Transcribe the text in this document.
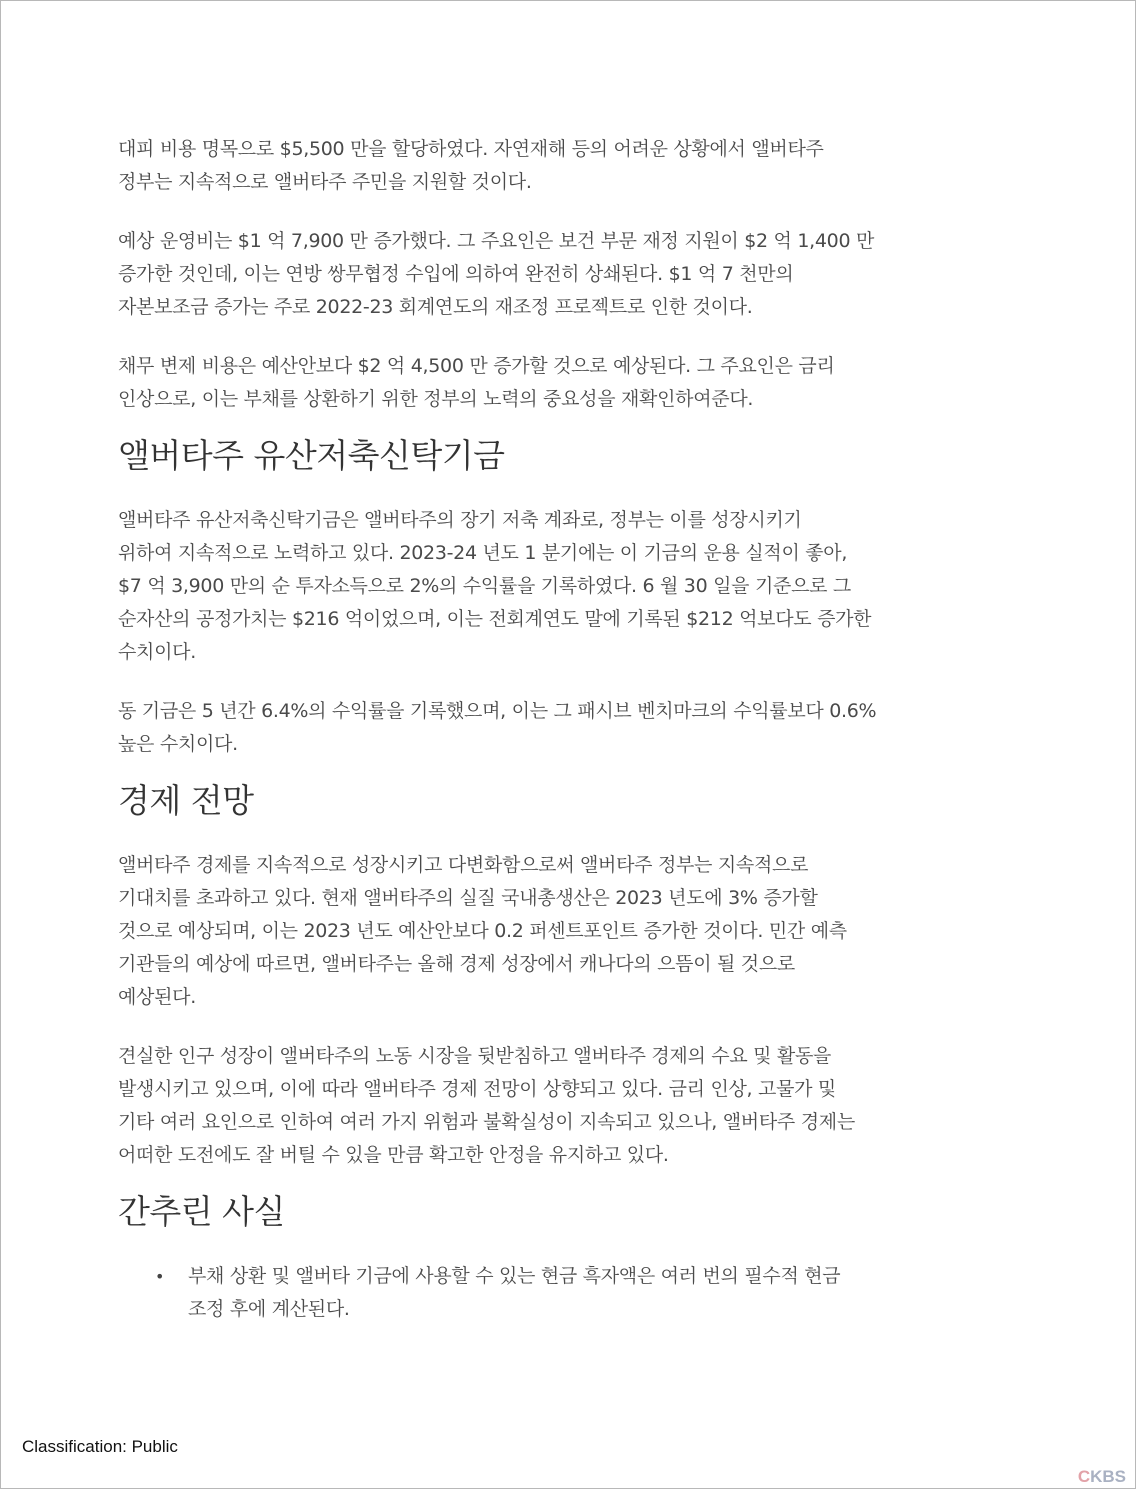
대피 비용 명목으로 $5,500 만을 할당하였다. 자연재해 등의 어려운 상황에서 앨버타주
정부는 지속적으로 앨버타주 주민을 지원할 것이다.

예상 운영비는 $1 억 7,900 만 증가했다. 그 주요인은 보건 부문 재정 지원이 $2 억 1,400 만
증가한 것인데, 이는 연방 쌍무협정 수입에 의하여 완전히 상쇄된다. $1 억 7 천만의
자본보조금 증가는 주로 2022-23 회계연도의 재조정 프로젝트로 인한 것이다.

채무 변제 비용은 예산안보다 $2 억 4,500 만 증가할 것으로 예상된다. 그 주요인은 금리
인상으로, 이는 부채를 상환하기 위한 정부의 노력의 중요성을 재확인하여준다.

앨버타주 유산저축신탁기금

앨버타주 유산저축신탁기금은 앨버타주의 장기 저축 계좌로, 정부는 이를 성장시키기
위하여 지속적으로 노력하고 있다. 2023-24 년도 1 분기에는 이 기금의 운용 실적이 좋아,
$7 억 3,900 만의 순 투자소득으로 2%의 수익률을 기록하였다. 6 월 30 일을 기준으로 그
순자산의 공정가치는 $216 억이었으며, 이는 전회계연도 말에 기록된 $212 억보다도 증가한
수치이다.

동 기금은 5 년간 6.4%의 수익률을 기록했으며, 이는 그 패시브 벤치마크의 수익률보다 0.6%
높은 수치이다.

경제 전망

앨버타주 경제를 지속적으로 성장시키고 다변화함으로써 앨버타주 정부는 지속적으로
기대치를 초과하고 있다. 현재 앨버타주의 실질 국내총생산은 2023 년도에 3% 증가할
것으로 예상되며, 이는 2023 년도 예산안보다 0.2 퍼센트포인트 증가한 것이다. 민간 예측
기관들의 예상에 따르면, 앨버타주는 올해 경제 성장에서 캐나다의 으뜸이 될 것으로
예상된다.

견실한 인구 성장이 앨버타주의 노동 시장을 뒷받침하고 앨버타주 경제의 수요 및 활동을
발생시키고 있으며, 이에 따라 앨버타주 경제 전망이 상향되고 있다. 금리 인상, 고물가 및
기타 여러 요인으로 인하여 여러 가지 위험과 불확실성이 지속되고 있으나, 앨버타주 경제는
어떠한 도전에도 잘 버틸 수 있을 만큼 확고한 안정을 유지하고 있다.

간추린 사실
• 부채 상환 및 앨버타 기금에 사용할 수 있는 현금 흑자액은 여러 번의 필수적 현금
조정 후에 계산된다.
Classification: Public
CKBS
